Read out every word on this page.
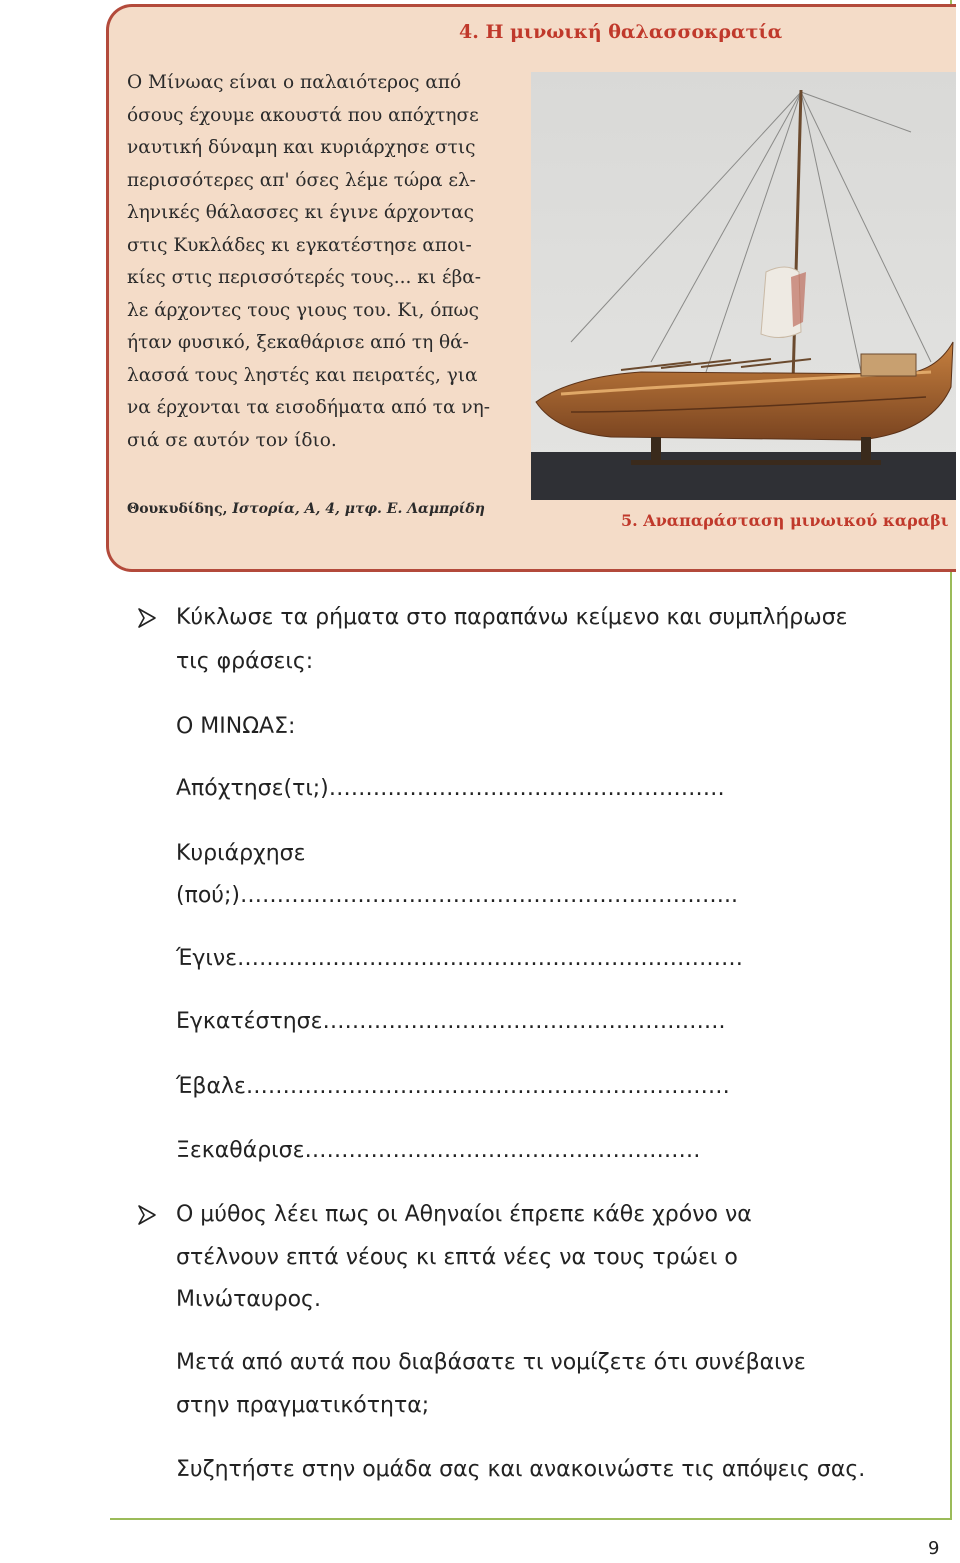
4. Η μινωική θαλασσοκρατία
Ο Μίνωας είναι ο παλαιότερος από
όσους έχουμε ακουστά που απόχτησε
ναυτική δύναμη και κυριάρχησε στις
περισσότερες απ' όσες λέμε τώρα ελ-
ληνικές θάλασσες κι έγινε άρχοντας
στις Κυκλάδες κι εγκατέστησε αποι-
κίες στις περισσότερές τους... κι έβα-
λε άρχοντες τους γιους του. Κι, όπως
ήταν φυσικό, ξεκαθάρισε από τη θά-
λασσά τους ληστές και πειρατές, για
να έρχονται τα εισοδήματα από τα νη-
σιά σε αυτόν τον ίδιο.
Θουκυδίδης, Ιστορία, Α, 4, μτφ. Ε. Λαμπρίδη
5. Αναπαράσταση μινωικού καραβι

Κύκλωσε τα ρήματα στο παραπάνω κείμενο και συμπλήρωσε

τις φράσεις:

Ο ΜΙΝΩΑΣ:

Απόχτησε(τι;)………………………………………………

Κυριάρχησε

(πού;)…………………………………………………………..

Έγινε……………………………………………………………

Εγκατέστησε……………………………………………….

Έβαλε…………………………………………………………

Ξεκαθάρισε………………………………………………

Ο μύθος λέει πως οι Αθηναίοι έπρεπε κάθε χρόνο να

στέλνουν επτά νέους κι επτά νέες να τους τρώει ο

Μινώταυρος.

Μετά από αυτά που διαβάσατε τι νομίζετε ότι συνέβαινε

στην πραγματικότητα;

Συζητήστε στην ομάδα σας και ανακοινώστε τις απόψεις σας.

9
